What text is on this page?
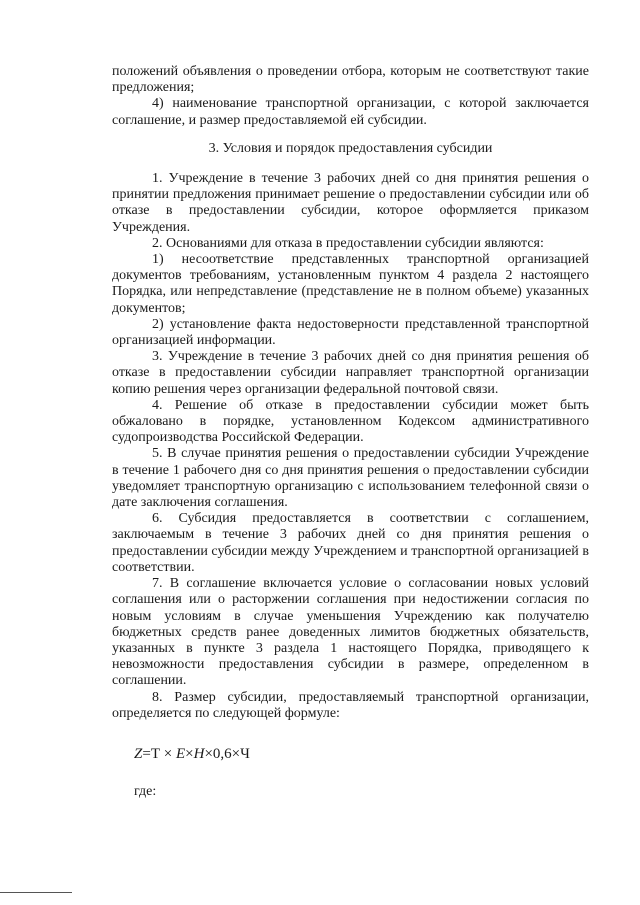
положений объявления о проведении отбора, которым не соответствуют такие предложения;

4) наименование транспортной организации, с которой заключается соглашение, и размер предоставляемой ей субсидии.

3. Условия и порядок предоставления субсидии

1. Учреждение в течение 3 рабочих дней со дня принятия решения о принятии предложения принимает решение о предоставлении субсидии или об отказе в предоставлении субсидии, которое оформляется приказом Учреждения.

2. Основаниями для отказа в предоставлении субсидии являются:

1) несоответствие представленных транспортной организацией документов требованиям, установленным пунктом 4 раздела 2 настоящего Порядка, или непредставление (представление не в полном объеме) указанных документов;

2) установление факта недостоверности представленной транспортной организацией информации.

3. Учреждение в течение 3 рабочих дней со дня принятия решения об отказе в предоставлении субсидии направляет транспортной организации копию решения через организации федеральной почтовой связи.

4. Решение об отказе в предоставлении субсидии может быть обжаловано в порядке, установленном Кодексом административного судопроизводства Российской Федерации.

5. В случае принятия решения о предоставлении субсидии Учреждение в течение 1 рабочего дня со дня принятия решения о предоставлении субсидии уведомляет транспортную организацию с использованием телефонной связи о дате заключения соглашения.

6. Субсидия предоставляется в соответствии с соглашением, заключаемым в течение 3 рабочих дней со дня принятия решения о предоставлении субсидии между Учреждением и транспортной организацией в соответствии.

7. В соглашение включается условие о согласовании новых условий соглашения или о расторжении соглашения при недостижении согласия по новым условиям в случае уменьшения Учреждению как получателю бюджетных средств ранее доведенных лимитов бюджетных обязательств, указанных в пункте 3 раздела 1 настоящего Порядка, приводящего к невозможности предоставления субсидии в размере, определенном в соглашении.

8. Размер субсидии, предоставляемый транспортной организации, определяется по следующей формуле:

Z=Т × E×H×0,6×Ч

где:
